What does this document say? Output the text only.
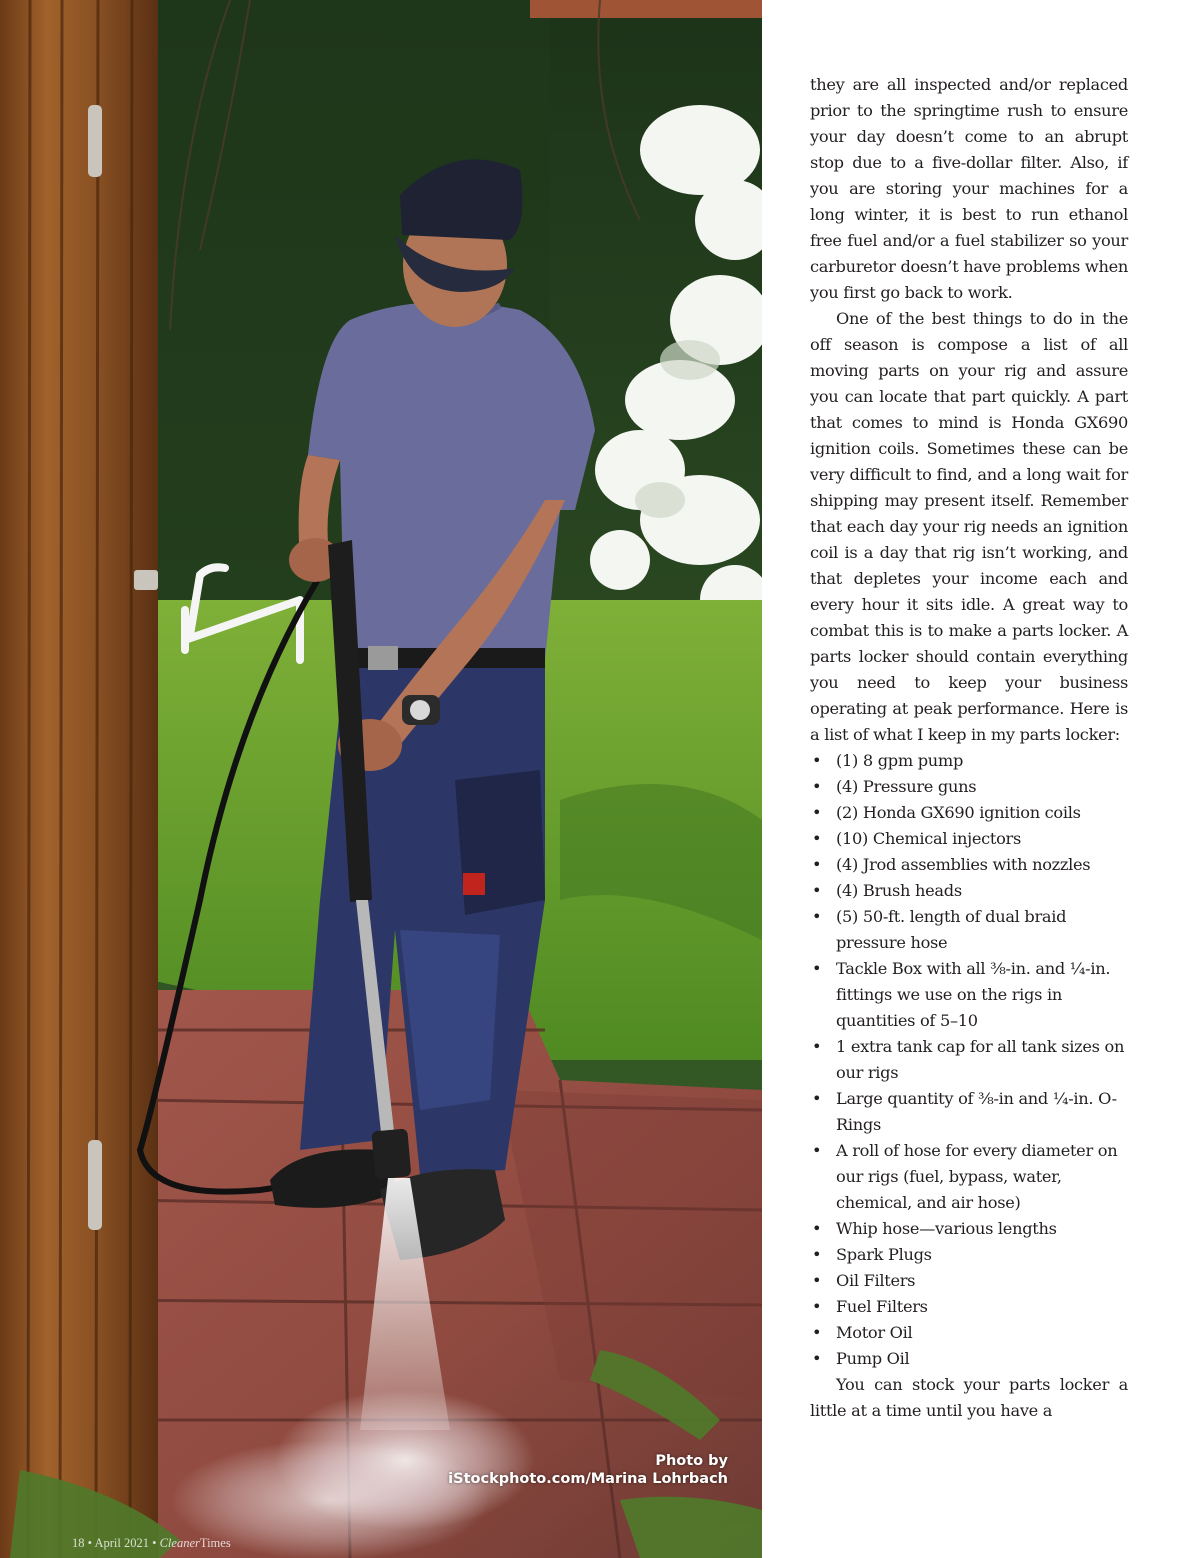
Photo by
iStockphoto.com/Marina Lohrbach
18 • April 2021 • CleanerTimes

they are all inspected and/or replaced prior to the springtime rush to ensure your day doesn’t come to an abrupt stop due to a five-dollar filter. Also, if you are storing your machines for a long winter, it is best to run ethanol free fuel and/or a fuel stabilizer so your carburetor doesn’t have problems when you first go back to work.

One of the best things to do in the off season is compose a list of all moving parts on your rig and assure you can locate that part quickly. A part that comes to mind is Honda GX690 ignition coils. Sometimes these can be very difficult to find, and a long wait for shipping may present itself. Remember that each day your rig needs an ignition coil is a day that rig isn’t working, and that depletes your income each and every hour it sits idle. A great way to combat this is to make a parts locker. A parts locker should contain everything you need to keep your business operating at peak performance. Here is a list of what I keep in my parts locker:

• (1) 8 gpm pump
• (4) Pressure guns
• (2) Honda GX690 ignition coils
• (10) Chemical injectors
• (4) Jrod assemblies with nozzles
• (4) Brush heads
• (5) 50-ft. length of dual braid pressure hose
• Tackle Box with all ⅜-in. and ¼-in. fittings we use on the rigs in quantities of 5–10
• 1 extra tank cap for all tank sizes on our rigs
• Large quantity of ⅜-in and ¼-in. O-Rings
• A roll of hose for every diameter on our rigs (fuel, bypass, water, chemical, and air hose)
• Whip hose—various lengths
• Spark Plugs
• Oil Filters
• Fuel Filters
• Motor Oil
• Pump Oil

You can stock your parts locker a little at a time until you have a
